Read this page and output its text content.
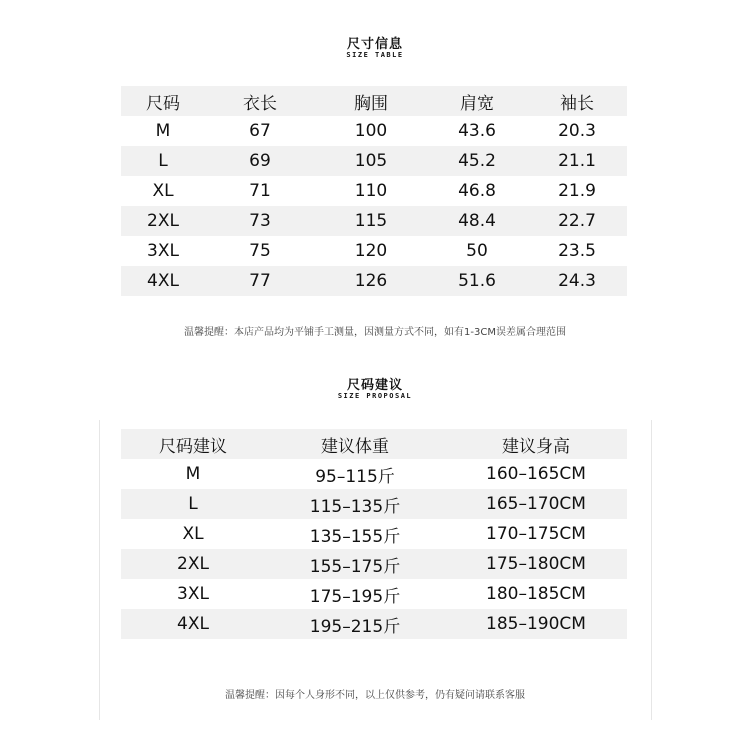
尺寸信息
SIZE TABLE
尺码	衣长	胸围	肩宽	袖长
M	67	100	43.6	20.3
L	69	105	45.2	21.1
XL	71	110	46.8	21.9
2XL	73	115	48.4	22.7
3XL	75	120	50	23.5
4XL	77	126	51.6	24.3
温馨提醒：本店产品均为平铺手工测量，因测量方式不同，如有1-3CM误差属合理范围
尺码建议
SIZE PROPOSAL
尺码建议	建议体重	建议身高
M	95–115斤	160–165CM
L	115–135斤	165–170CM
XL	135–155斤	170–175CM
2XL	155–175斤	175–180CM
3XL	175–195斤	180–185CM
4XL	195–215斤	185–190CM
温馨提醒：因每个人身形不同，以上仅供参考，仍有疑问请联系客服
